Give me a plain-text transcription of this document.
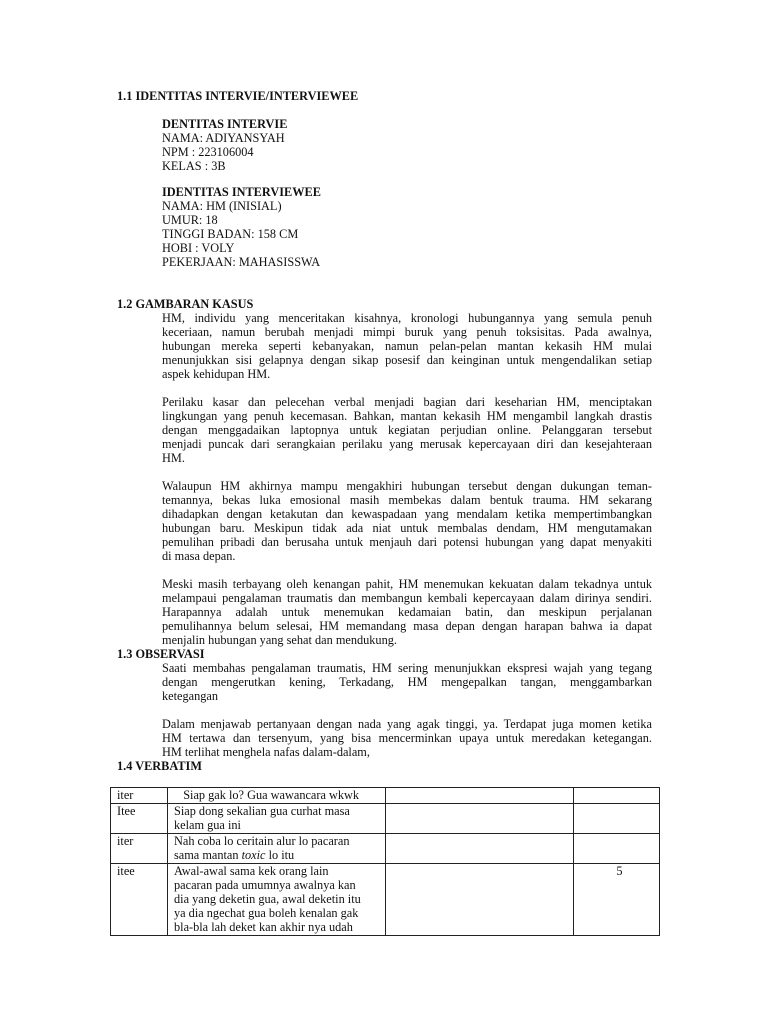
1.1 IDENTITAS INTERVIE/INTERVIEWEE
DENTITAS INTERVIE
NAMA: ADIYANSYAH
NPM : 223106004
KELAS : 3B
IDENTITAS INTERVIEWEE
NAMA: HM (INISIAL)
UMUR: 18
TINGGI BADAN: 158 CM
HOBI : VOLY
PEKERJAAN: MAHASISSWA
1.2 GAMBARAN KASUS
HM, individu yang menceritakan kisahnya, kronologi hubungannya yang semula penuh
keceriaan, namun berubah menjadi mimpi buruk yang penuh toksisitas. Pada awalnya,
hubungan mereka seperti kebanyakan, namun pelan-pelan mantan kekasih HM mulai
menunjukkan sisi gelapnya dengan sikap posesif dan keinginan untuk mengendalikan setiap
aspek kehidupan HM.
Perilaku kasar dan pelecehan verbal menjadi bagian dari keseharian HM, menciptakan
lingkungan yang penuh kecemasan. Bahkan, mantan kekasih HM mengambil langkah drastis
dengan menggadaikan laptopnya untuk kegiatan perjudian online. Pelanggaran tersebut
menjadi puncak dari serangkaian perilaku yang merusak kepercayaan diri dan kesejahteraan
HM.
Walaupun HM akhirnya mampu mengakhiri hubungan tersebut dengan dukungan teman-
temannya, bekas luka emosional masih membekas dalam bentuk trauma. HM sekarang
dihadapkan dengan ketakutan dan kewaspadaan yang mendalam ketika mempertimbangkan
hubungan baru. Meskipun tidak ada niat untuk membalas dendam, HM mengutamakan
pemulihan pribadi dan berusaha untuk menjauh dari potensi hubungan yang dapat menyakiti
di masa depan.
Meski masih terbayang oleh kenangan pahit, HM menemukan kekuatan dalam tekadnya untuk
melampaui pengalaman traumatis dan membangun kembali kepercayaan dalam dirinya sendiri.
Harapannya adalah untuk menemukan kedamaian batin, dan meskipun perjalanan
pemulihannya belum selesai, HM memandang masa depan dengan harapan bahwa ia dapat
menjalin hubungan yang sehat dan mendukung.
1.3 OBSERVASI
Saati membahas pengalaman traumatis, HM sering menunjukkan ekspresi wajah yang tegang
dengan mengerutkan kening, Terkadang, HM mengepalkan tangan, menggambarkan
ketegangan
Dalam menjawab pertanyaan dengan nada yang agak tinggi, ya. Terdapat juga momen ketika
HM tertawa dan tersenyum, yang bisa mencerminkan upaya untuk meredakan ketegangan.
HM terlihat menghela nafas dalam-dalam,
1.4 VERBATIM
iter	Siap gak lo? Gua wawancara wkwk		
Itee	Siap dong sekalian gua curhat masa
kelam gua ini		

iter	Nah coba lo ceritain alur lo pacaran
sama mantan toxic lo itu		

itee	Awal-awal sama kek orang lain
pacaran pada umumnya awalnya kan
dia yang deketin gua, awal deketin itu
ya dia ngechat gua boleh kenalan gak
bla-bla lah deket kan akhir nya udah		5
